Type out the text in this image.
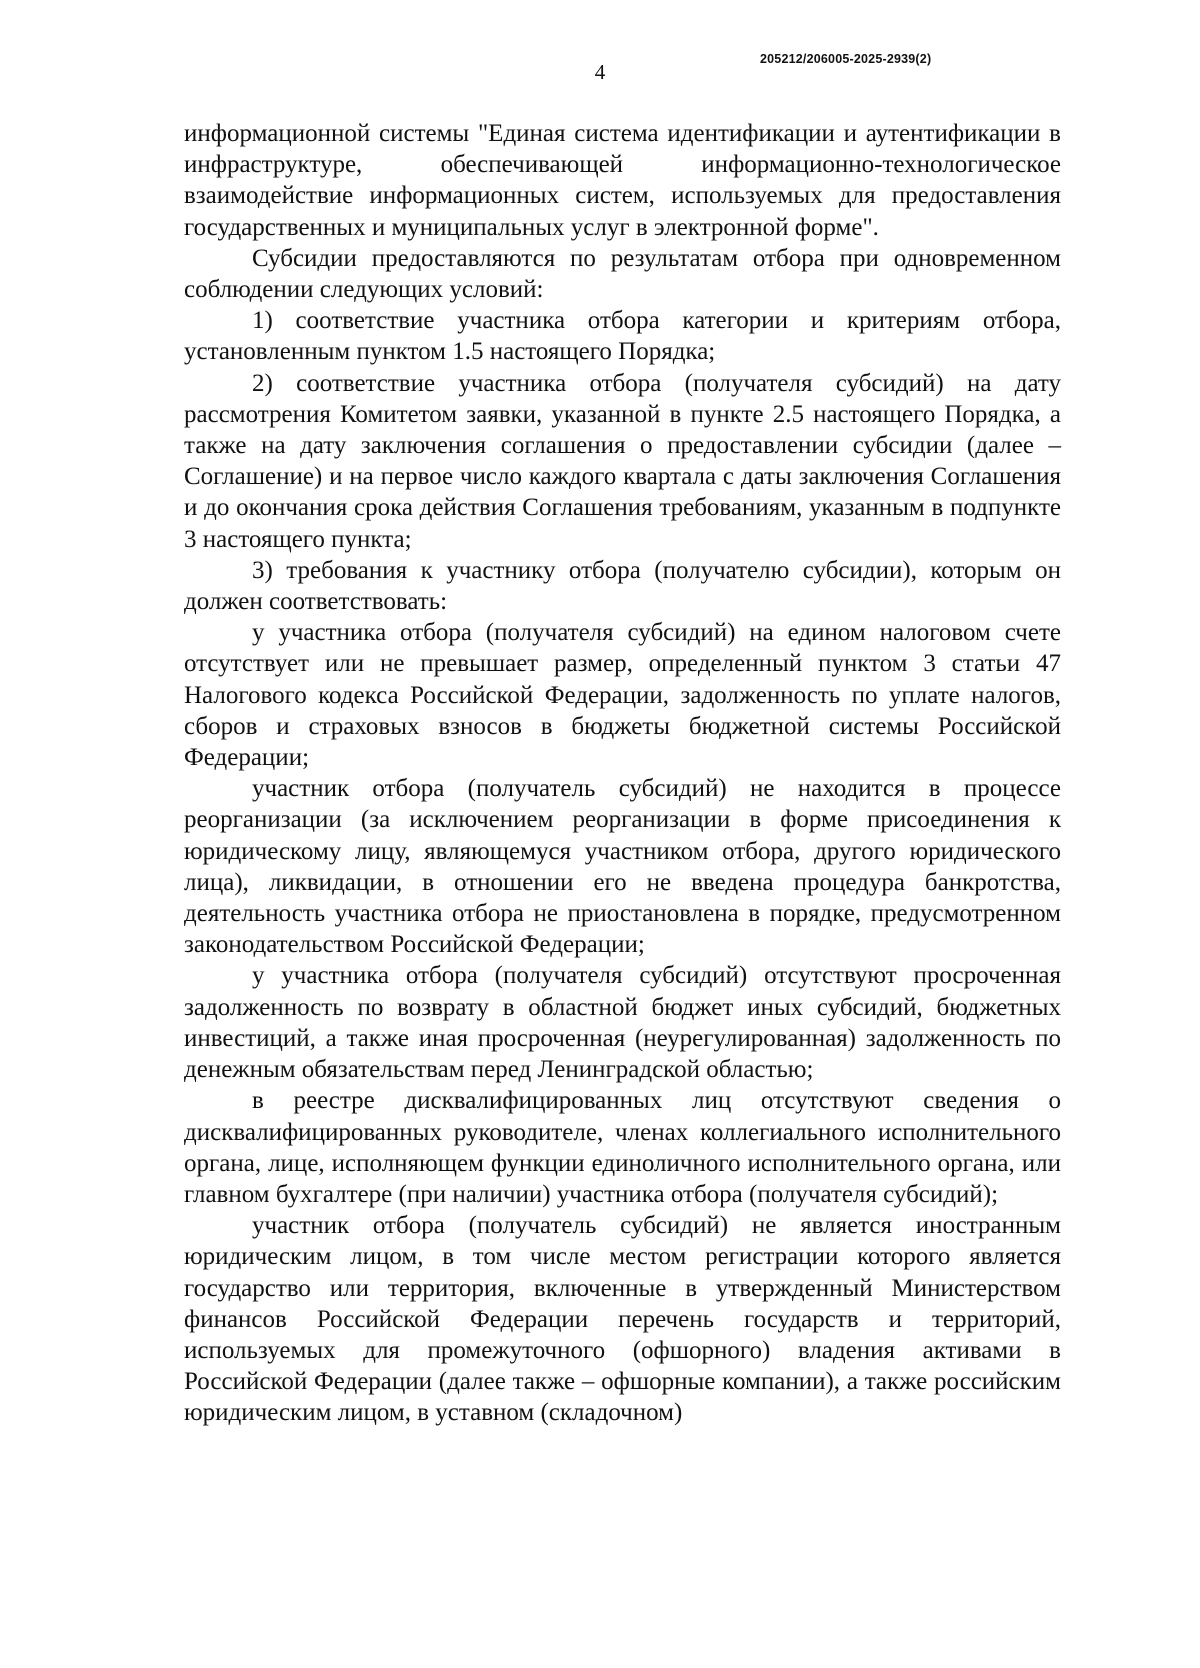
4
205212/206005-2025-2939(2)

информационной системы "Единая система идентификации и аутентификации в инфраструктуре, обеспечивающей информационно-технологическое взаимодействие информационных систем, используемых для предоставления государственных и муниципальных услуг в электронной форме".

Субсидии предоставляются по результатам отбора при одновременном соблюдении следующих условий:

1) соответствие участника отбора категории и критериям отбора, установленным пунктом 1.5 настоящего Порядка;

2) соответствие участника отбора (получателя субсидий) на дату рассмотрения Комитетом заявки, указанной в пункте 2.5 настоящего Порядка, а также на дату заключения соглашения о предоставлении субсидии (далее – Соглашение) и на первое число каждого квартала с даты заключения Соглашения и до окончания срока действия Соглашения требованиям, указанным в подпункте 3 настоящего пункта;

3) требования к участнику отбора (получателю субсидии), которым он должен соответствовать:

у участника отбора (получателя субсидий) на едином налоговом счете отсутствует или не превышает размер, определенный пунктом 3 статьи 47 Налогового кодекса Российской Федерации, задолженность по уплате налогов, сборов и страховых взносов в бюджеты бюджетной системы Российской Федерации;

участник отбора (получатель субсидий) не находится в процессе реорганизации (за исключением реорганизации в форме присоединения к юридическому лицу, являющемуся участником отбора, другого юридического лица), ликвидации, в отношении его не введена процедура банкротства, деятельность участника отбора не приостановлена в порядке, предусмотренном законодательством Российской Федерации;

у участника отбора (получателя субсидий) отсутствуют просроченная задолженность по возврату в областной бюджет иных субсидий, бюджетных инвестиций, а также иная просроченная (неурегулированная) задолженность по денежным обязательствам перед Ленинградской областью;

в реестре дисквалифицированных лиц отсутствуют сведения о дисквалифицированных руководителе, членах коллегиального исполнительного органа, лице, исполняющем функции единоличного исполнительного органа, или главном бухгалтере (при наличии) участника отбора (получателя субсидий);

участник отбора (получатель субсидий) не является иностранным юридическим лицом, в том числе местом регистрации которого является государство или территория, включенные в утвержденный Министерством финансов Российской Федерации перечень государств и территорий, используемых для промежуточного (офшорного) владения активами в Российской Федерации (далее также – офшорные компании), а также российским юридическим лицом, в уставном (складочном)
